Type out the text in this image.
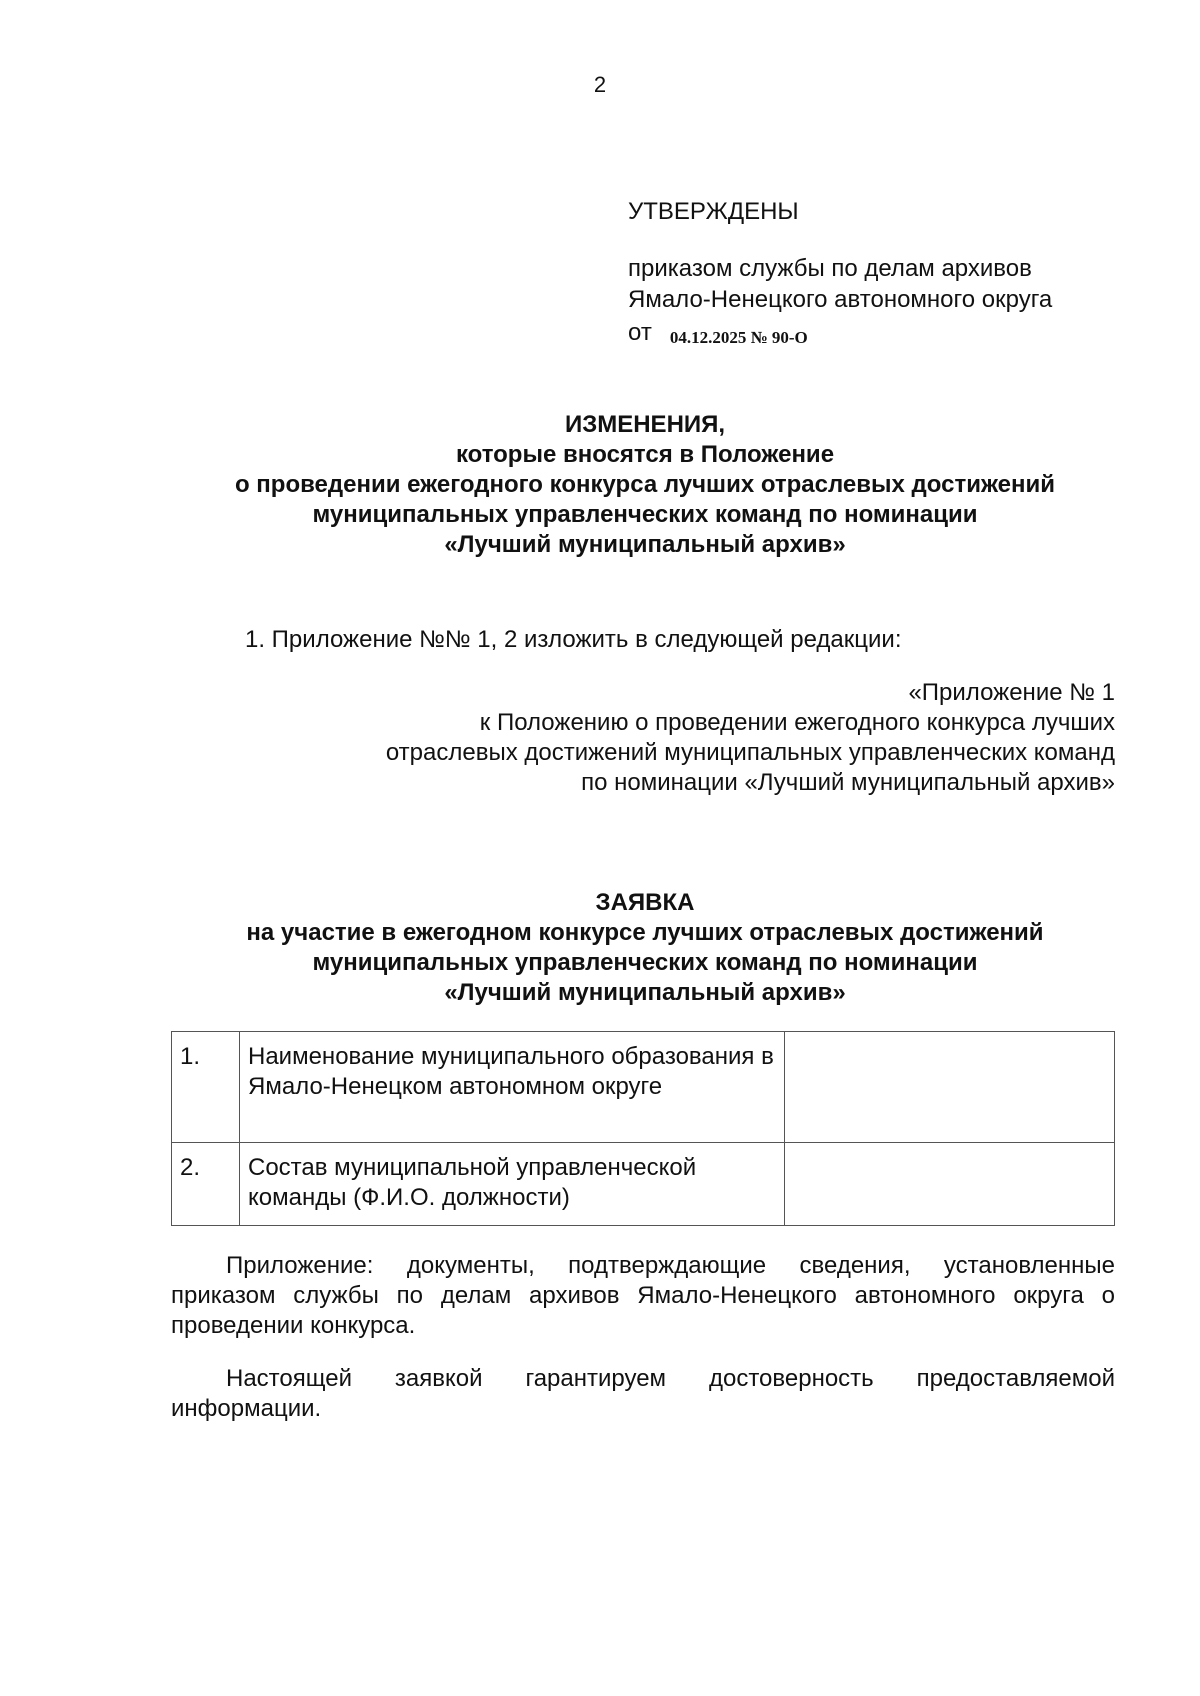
2
УТВЕРЖДЕНЫ
приказом службы по делам архивов
Ямало-Ненецкого автономного округа
от 04.12.2025 № 90-О
ИЗМЕНЕНИЯ,
которые вносятся в Положение
о проведении ежегодного конкурса лучших отраслевых достижений
муниципальных управленческих команд по номинации
«Лучший муниципальный архив»
1. Приложение №№ 1, 2 изложить в следующей редакции:
«Приложение № 1
к Положению о проведении ежегодного конкурса лучших
отраслевых достижений муниципальных управленческих команд
по номинации «Лучший муниципальный архив»
ЗАЯВКА
на участие в ежегодном конкурсе лучших отраслевых достижений
муниципальных управленческих команд по номинации
«Лучший муниципальный архив»
1.	Наименование муниципального образования в Ямало-Ненецком автономном округе	
2.	Состав муниципальной управленческой команды (Ф.И.О. должности)	
Приложение: документы, подтверждающие сведения, установленные приказом службы по делам архивов Ямало-Ненецкого автономного округа о проведении конкурса.
Настоящей заявкой гарантируем достоверность предоставляемой информации.
